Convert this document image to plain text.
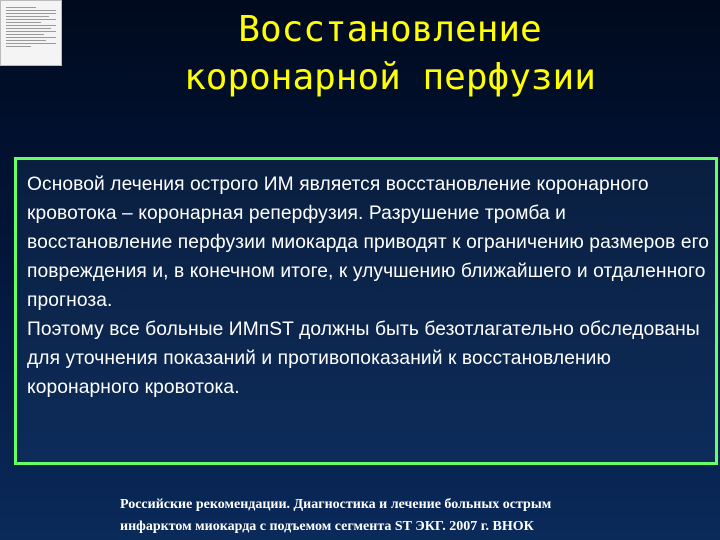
Восстановление
коронарной перфузии

Основой лечения острого ИМ является восстановление коронарного кровотока – коронарная реперфузия. Разрушение тромба и восстановление перфузии миокарда приводят к ограничению размеров его повреждения и, в конечном итоге, к улучшению ближайшего и отдаленного прогноза.

Поэтому все больные ИМпST должны быть безотлагательно обследованы для уточнения показаний и противопоказаний к восстановлению коронарного кровотока.

Российские рекомендации. Диагностика и лечение больных острым
инфарктом миокарда с подъемом сегмента ST ЭКГ. 2007 г. ВНОК
